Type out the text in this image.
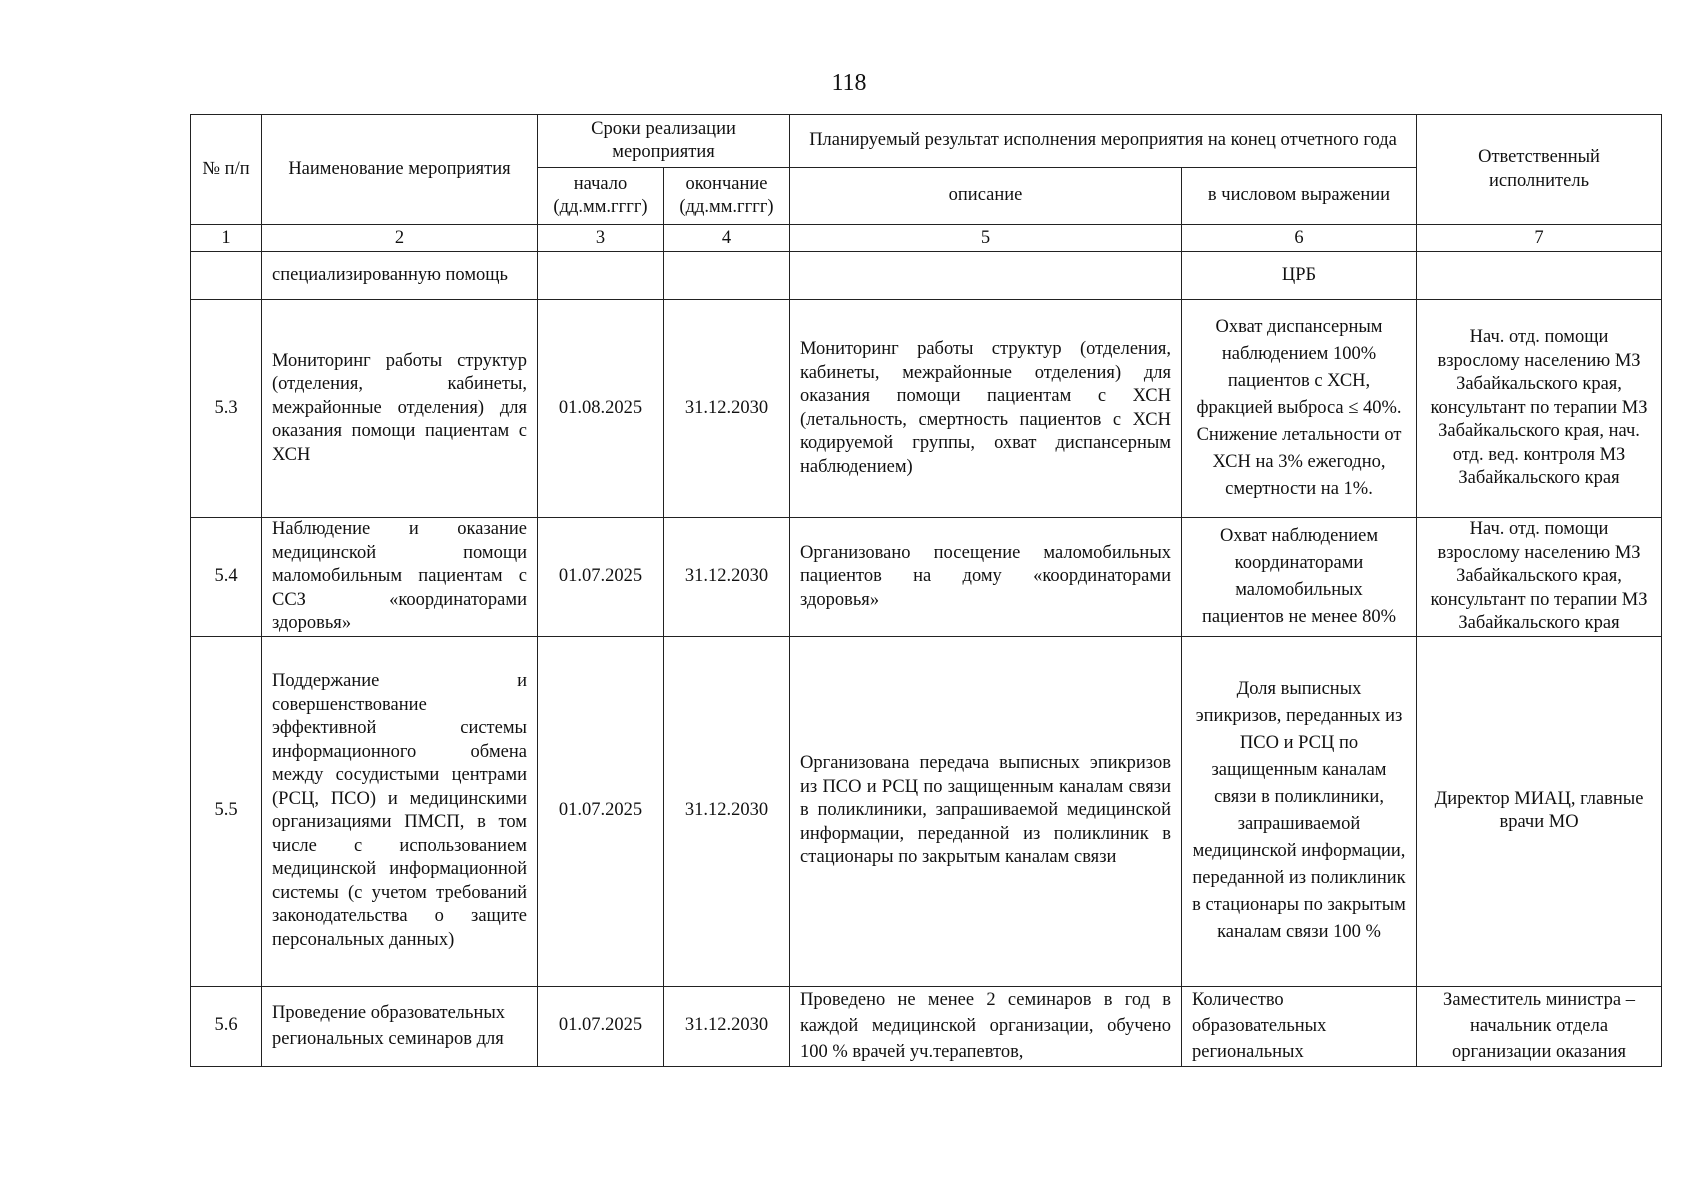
118
№ п/п	Наименование мероприятия	Сроки реализации мероприятия		Планируемый результат исполнения мероприятия на конец отчетного года		Ответственный исполнитель
		начало (дд.мм.гггг)	окончание (дд.мм.гггг)	описание	в числовом выражении	
1	2	3	4	5	6	7
	специализированную помощь				ЦРБ	
5.3	Мониторинг работы структур (отделения, кабинеты, межрайонные отделения) для оказания помощи пациентам с ХСН	01.08.2025	31.12.2030	Мониторинг работы структур (отделения, кабинеты, межрайонные отделения) для оказания помощи пациентам с ХСН (летальность, смертность пациентов с ХСН кодируемой группы, охват диспансерным наблюдением)	Охват диспансерным наблюдением 100% пациентов с ХСН, фракцией выброса ≤ 40%. Снижение летальности от ХСН на 3% ежегодно, смертности на 1%.	Нач. отд. помощи взрослому населению МЗ Забайкальского края, консультант по терапии МЗ Забайкальского края, нач. отд. вед. контроля МЗ Забайкальского края
5.4	Наблюдение и оказание медицинской помощи маломобильным пациентам с ССЗ «координаторами здоровья»	01.07.2025	31.12.2030	Организовано посещение маломобильных пациентов на дому «координаторами здоровья»	Охват наблюдением координаторами маломобильных пациентов не менее 80%	Нач. отд. помощи взрослому населению МЗ Забайкальского края, консультант по терапии МЗ Забайкальского края
5.5	Поддержание и совершенствование эффективной системы информационного обмена между сосудистыми центрами (РСЦ, ПСО) и медицинскими организациями ПМСП, в том числе с использованием медицинской информационной системы (с учетом требований законодательства о защите персональных данных)	01.07.2025	31.12.2030	Организована передача выписных эпикризов из ПСО и РСЦ по защищенным каналам связи в поликлиники, запрашиваемой медицинской информации, переданной из поликлиник в стационары по закрытым каналам связи	Доля выписных эпикризов, переданных из ПСО и РСЦ по защищенным каналам связи в поликлиники, запрашиваемой медицинской информации, переданной из поликлиник в стационары по закрытым каналам связи 100 %	Директор МИАЦ, главные врачи МО
5.6	Проведение образовательных региональных семинаров для	01.07.2025	31.12.2030	Проведено не менее 2 семинаров в год в каждой медицинской организации, обучено 100 % врачей уч.терапевтов,	Количество образовательных региональных	Заместитель министра – начальник отдела организации оказания
